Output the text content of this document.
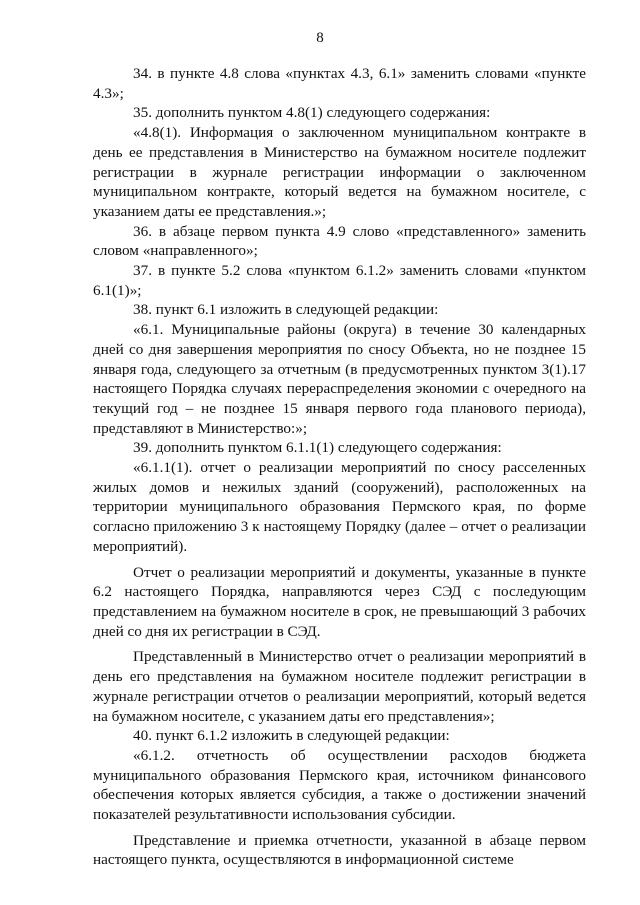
8

34. в пункте 4.8 слова «пунктах 4.3, 6.1» заменить словами «пункте 4.3»;

35. дополнить пунктом 4.8(1) следующего содержания:

«4.8(1). Информация о заключенном муниципальном контракте в день ее представления в Министерство на бумажном носителе подлежит регистрации в журнале регистрации информации о заключенном муниципальном контракте, который ведется на бумажном носителе, с указанием даты ее представления.»;

36. в абзаце первом пункта 4.9 слово «представленного» заменить словом «направленного»;

37. в пункте 5.2 слова «пунктом 6.1.2» заменить словами «пунктом 6.1(1)»;

38. пункт 6.1 изложить в следующей редакции:

«6.1. Муниципальные районы (округа) в течение 30 календарных дней со дня завершения мероприятия по сносу Объекта, но не позднее 15 января года, следующего за отчетным (в предусмотренных пунктом 3(1).17 настоящего Порядка случаях перераспределения экономии с очередного на текущий год – не позднее 15 января первого года планового периода), представляют в Министерство:»;

39. дополнить пунктом 6.1.1(1) следующего содержания:

«6.1.1(1). отчет о реализации мероприятий по сносу расселенных жилых домов и нежилых зданий (сооружений), расположенных на территории муниципального образования Пермского края, по форме согласно приложению 3 к настоящему Порядку (далее – отчет о реализации мероприятий).

Отчет о реализации мероприятий и документы, указанные в пункте 6.2 настоящего Порядка, направляются через СЭД с последующим представлением на бумажном носителе в срок, не превышающий 3 рабочих дней со дня их регистрации в СЭД.

Представленный в Министерство отчет о реализации мероприятий в день его представления на бумажном носителе подлежит регистрации в журнале регистрации отчетов о реализации мероприятий, который ведется на бумажном носителе, с указанием даты его представления»;

40. пункт 6.1.2 изложить в следующей редакции:

«6.1.2. отчетность об осуществлении расходов бюджета муниципального образования Пермского края, источником финансового обеспечения которых является субсидия, а также о достижении значений показателей результативности использования субсидии.

Представление и приемка отчетности, указанной в абзаце первом настоящего пункта, осуществляются в информационной системе
